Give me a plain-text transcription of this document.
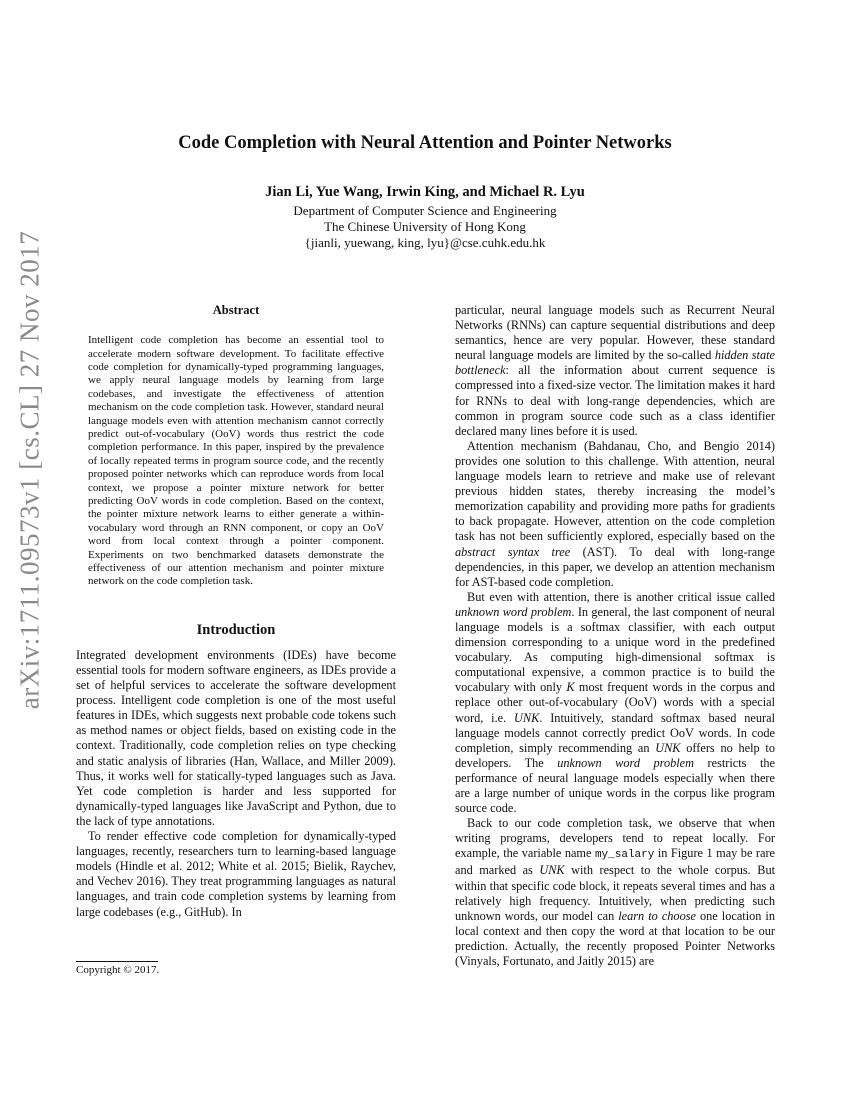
arXiv:1711.09573v1 [cs.CL] 27 Nov 2017
Code Completion with Neural Attention and Pointer Networks
Jian Li, Yue Wang, Irwin King, and Michael R. Lyu
Department of Computer Science and Engineering
The Chinese University of Hong Kong
{jianli, yuewang, king, lyu}@cse.cuhk.edu.hk
Abstract

Intelligent code completion has become an essential tool to accelerate modern software development. To facilitate effective code completion for dynamically-typed programming languages, we apply neural language models by learning from large codebases, and investigate the effectiveness of attention mechanism on the code completion task. However, standard neural language models even with attention mechanism cannot correctly predict out-of-vocabulary (OoV) words thus restrict the code completion performance. In this paper, inspired by the prevalence of locally repeated terms in program source code, and the recently proposed pointer networks which can reproduce words from local context, we propose a pointer mixture network for better predicting OoV words in code completion. Based on the context, the pointer mixture network learns to either generate a within-vocabulary word through an RNN component, or copy an OoV word from local context through a pointer component. Experiments on two benchmarked datasets demonstrate the effectiveness of our attention mechanism and pointer mixture network on the code completion task.

Introduction

Integrated development environments (IDEs) have become essential tools for modern software engineers, as IDEs provide a set of helpful services to accelerate the software development process. Intelligent code completion is one of the most useful features in IDEs, which suggests next probable code tokens such as method names or object fields, based on existing code in the context. Traditionally, code completion relies on type checking and static analysis of libraries (Han, Wallace, and Miller 2009). Thus, it works well for statically-typed languages such as Java. Yet code completion is harder and less supported for dynamically-typed languages like JavaScript and Python, due to the lack of type annotations.

To render effective code completion for dynamically-typed languages, recently, researchers turn to learning-based language models (Hindle et al. 2012; White et al. 2015; Bielik, Raychev, and Vechev 2016). They treat programming languages as natural languages, and train code completion systems by learning from large codebases (e.g., GitHub). In

particular, neural language models such as Recurrent Neural Networks (RNNs) can capture sequential distributions and deep semantics, hence are very popular. However, these standard neural language models are limited by the so-called hidden state bottleneck: all the information about current sequence is compressed into a fixed-size vector. The limitation makes it hard for RNNs to deal with long-range dependencies, which are common in program source code such as a class identifier declared many lines before it is used.

Attention mechanism (Bahdanau, Cho, and Bengio 2014) provides one solution to this challenge. With attention, neural language models learn to retrieve and make use of relevant previous hidden states, thereby increasing the model’s memorization capability and providing more paths for gradients to back propagate. However, attention on the code completion task has not been sufficiently explored, especially based on the abstract syntax tree (AST). To deal with long-range dependencies, in this paper, we develop an attention mechanism for AST-based code completion.

But even with attention, there is another critical issue called unknown word problem. In general, the last component of neural language models is a softmax classifier, with each output dimension corresponding to a unique word in the predefined vocabulary. As computing high-dimensional softmax is computational expensive, a common practice is to build the vocabulary with only K most frequent words in the corpus and replace other out-of-vocabulary (OoV) words with a special word, i.e. UNK. Intuitively, standard softmax based neural language models cannot correctly predict OoV words. In code completion, simply recommending an UNK offers no help to developers. The unknown word problem restricts the performance of neural language models especially when there are a large number of unique words in the corpus like program source code.

Back to our code completion task, we observe that when writing programs, developers tend to repeat locally. For example, the variable name my_salary in Figure 1 may be rare and marked as UNK with respect to the whole corpus. But within that specific code block, it repeats several times and has a relatively high frequency. Intuitively, when predicting such unknown words, our model can learn to choose one location in local context and then copy the word at that location to be our prediction. Actually, the recently proposed Pointer Networks (Vinyals, Fortunato, and Jaitly 2015) are

Copyright © 2017.
